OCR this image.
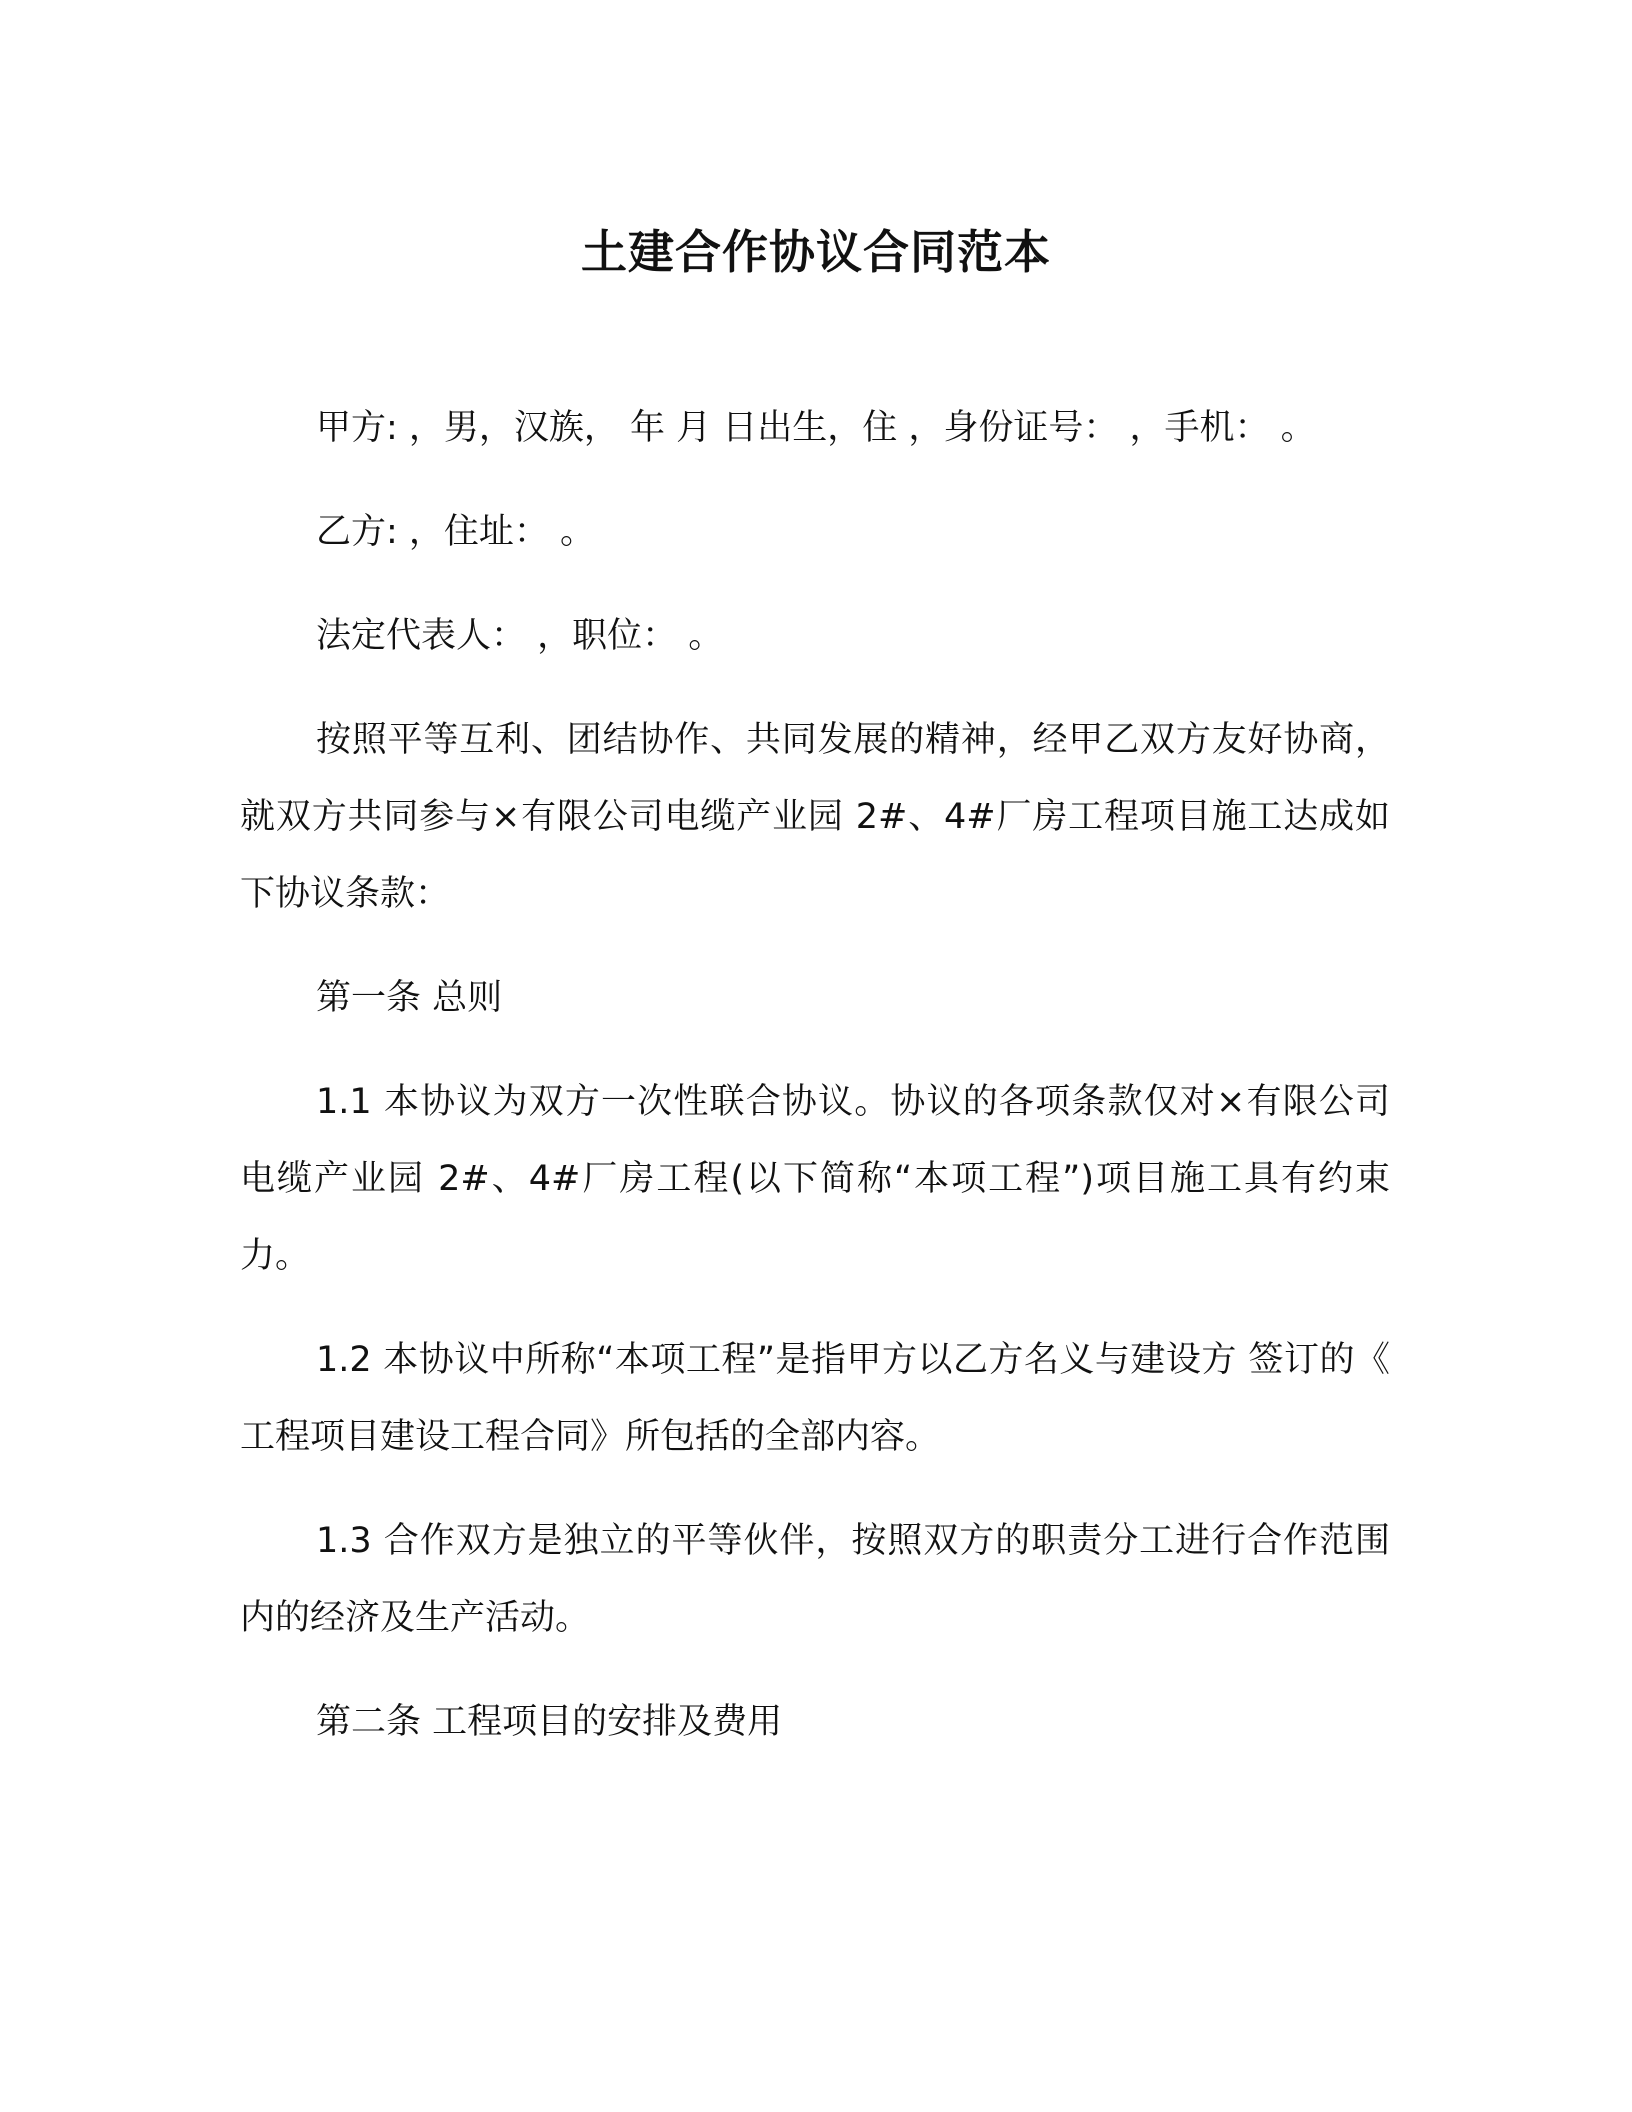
土建合作协议合同范本

甲方: ，男，汉族， 年 月 日出生，住 ，身份证号： ，手机： 。

乙方: ，住址： 。

法定代表人： ，职位： 。

按照平等互利、团结协作、共同发展的精神，经甲乙双方友好协商，就双方共同参与×有限公司电缆产业园 2#、4#厂房工程项目施工达成如下协议条款：

第一条 总则

1.1 本协议为双方一次性联合协议。协议的各项条款仅对×有限公司电缆产业园 2#、4#厂房工程(以下简称“本项工程”)项目施工具有约束力。

1.2 本协议中所称“本项工程”是指甲方以乙方名义与建设方 签订的《 工程项目建设工程合同》所包括的全部内容。

1.3 合作双方是独立的平等伙伴，按照双方的职责分工进行合作范围内的经济及生产活动。

第二条 工程项目的安排及费用
